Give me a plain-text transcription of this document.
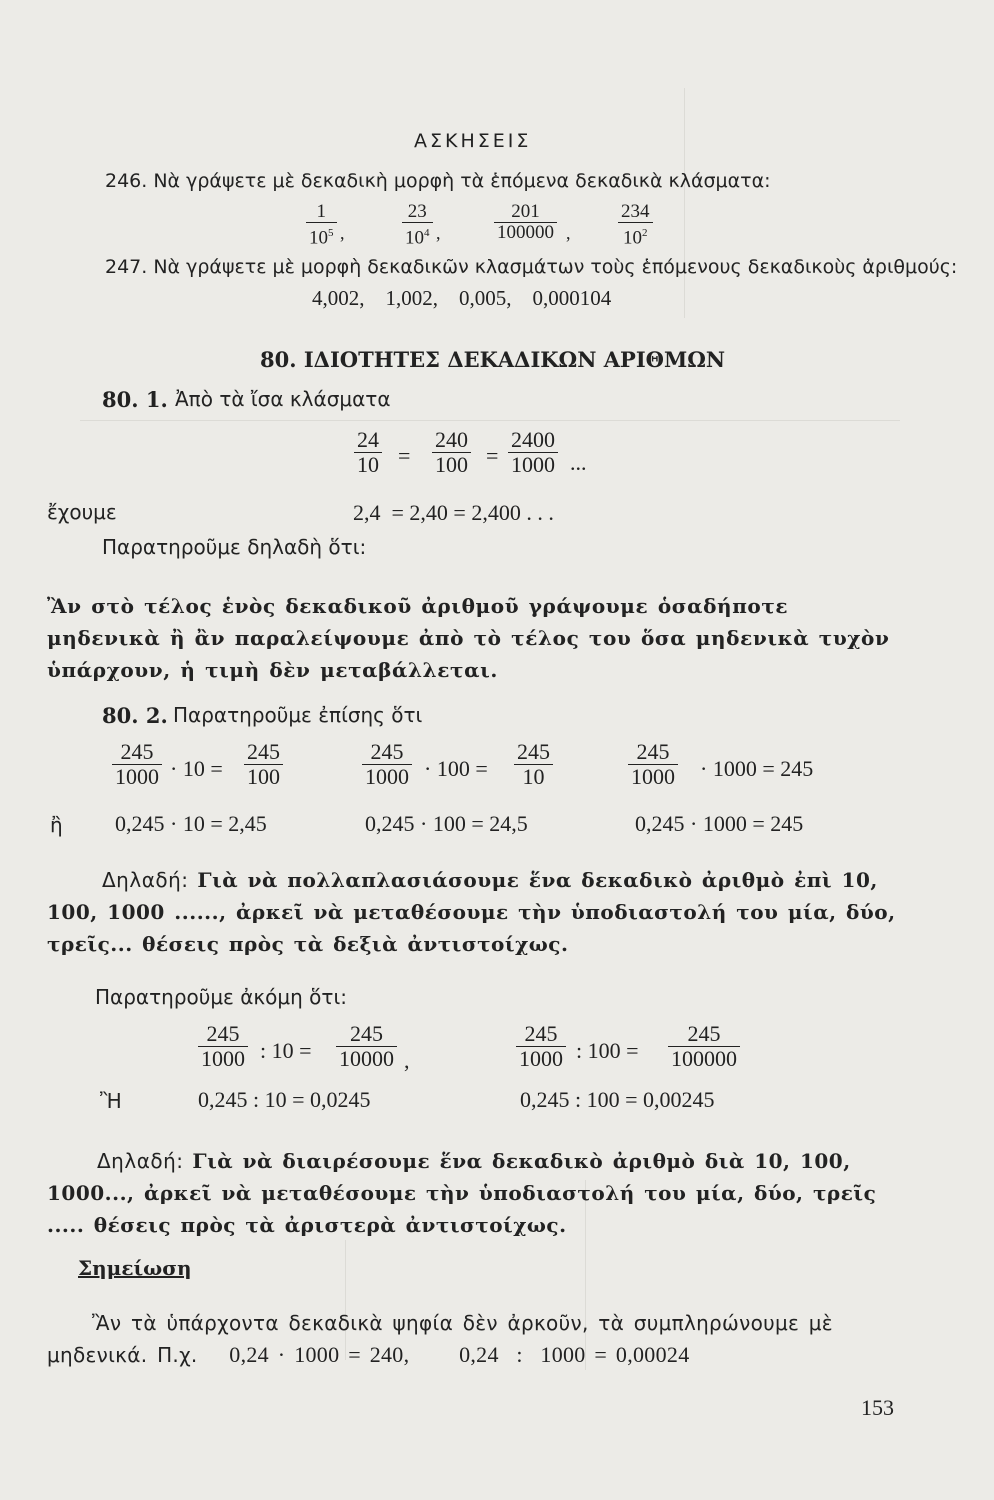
ΑΣΚΗΣΕΙΣ
246. Νὰ γράψετε μὲ δεκαδικὴ μορφὴ τὰ ἑπόμενα δεκαδικὰ κλάσματα:
$\frac{1}{10^5}$ ,	$\frac{23}{10^4}$ ,	$\frac{201}{100000}$ ,	$\frac{234}{10^2}$
247. Νὰ γράψετε μὲ μορφὴ δεκαδικῶν κλασμάτων τοὺς ἑπόμενους δεκαδικοὺς ἀριθμούς:
4,002,    1,002,    0,005,    0,000104
80. ΙΔΙΟΤΗΤΕΣ ΔΕΚΑΔΙΚΩΝ ΑΡΙΘΜΩΝ
80. 1. Ἀπὸ τὰ ἴσα κλάσματα
$\frac{24}{10} = \frac{240}{100} = \frac{2400}{1000}$ ...
ἔχουμε	2,4  = 2,40 = 2,400 . . .
Παρατηροῦμε δηλαδὴ ὅτι:
Ἂν στὸ τέλος ἑνὸς δεκαδικοῦ ἀριθμοῦ γράψουμε ὁσαδήποτε μηδενικὰ ἢ ἂν παραλείψουμε ἀπὸ τὸ τέλος του ὅσα μηδενικὰ τυχὸν ὑπάρχουν, ἡ τιμὴ δὲν μεταβάλλεται.
80. 2. Παρατηροῦμε ἐπίσης ὅτι
$\frac{245}{1000} \cdot 10 = \frac{245}{100}$	$\frac{245}{1000} \cdot 100 = \frac{245}{10}$	$\frac{245}{1000} \cdot 1000 = 245$
ἢ 0,245 · 10 = 2,45	0,245 · 100 = 24,5	0,245 · 1000 = 245
Δηλαδή: Γιὰ νὰ πολλαπλασιάσουμε ἕνα δεκαδικὸ ἀριθμὸ ἐπὶ 10, 100, 1000 ......, ἀρκεῖ νὰ μεταθέσουμε τὴν ὑποδιαστολή του μία, δύο, τρεῖς... θέσεις πρὸς τὰ δεξιὰ ἀντιστοίχως.
Παρατηροῦμε ἀκόμη ὅτι:
$\frac{245}{1000}$ : $10 = \frac{245}{10000}$ ,	$\frac{245}{1000}$ : $100 = \frac{245}{100000}$
Ἢ	0,245 : 10 = 0,0245	0,245 : 100 = 0,00245
Δηλαδή: Γιὰ νὰ διαιρέσουμε ἕνα δεκαδικὸ ἀριθμὸ διὰ 10, 100, 1000..., ἀρκεῖ νὰ μεταθέσουμε τὴν ὑποδιαστολή του μία, δύο, τρεῖς ..... θέσεις πρὸς τὰ ἀριστερὰ ἀντιστοίχως.
Σημείωση
Ἂν τὰ ὑπάρχοντα δεκαδικὰ ψηφία δὲν ἀρκοῦν, τὰ συμπληρώνουμε μὲ μηδενικά. Π.χ. 0,24 · 1000 = 240, 0,24  :  1000 = 0,00024
153
